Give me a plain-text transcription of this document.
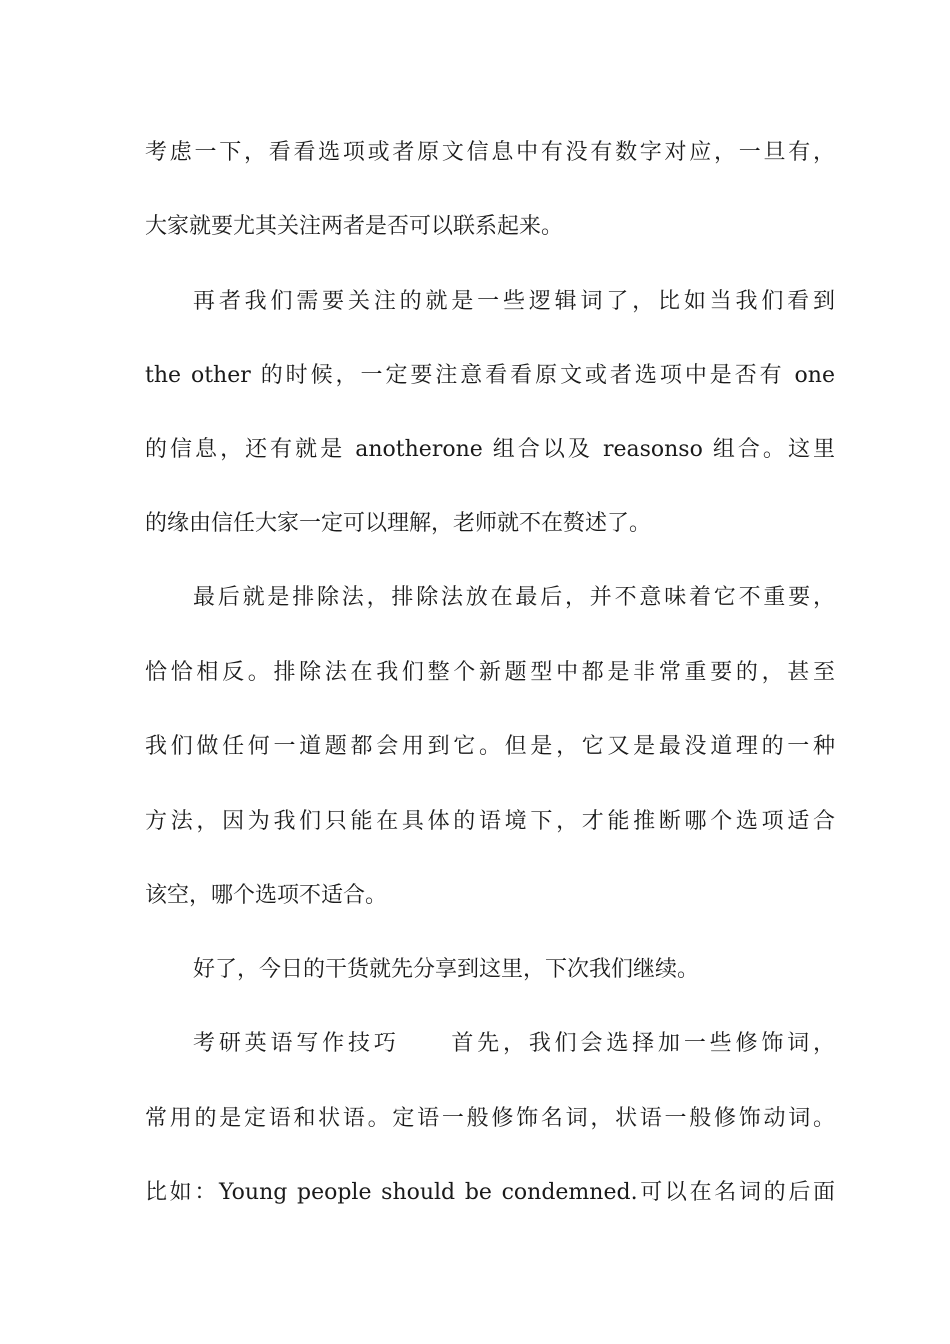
考虑一下，看看选项或者原文信息中有没有数字对应，一旦有，
大家就要尤其关注两者是否可以联系起来。
再者我们需要关注的就是一些逻辑词了，比如当我们看到
the other 的时候，一定要注意看看原文或者选项中是否有 one
的信息，还有就是 anotherone 组合以及 reasonso 组合。这里
的缘由信任大家一定可以理解，老师就不在赘述了。
最后就是排除法，排除法放在最后，并不意味着它不重要，
恰恰相反。排除法在我们整个新题型中都是非常重要的，甚至
我们做任何一道题都会用到它。但是，它又是最没道理的一种
方法，因为我们只能在具体的语境下，才能推断哪个选项适合
该空，哪个选项不适合。
好了，今日的干货就先分享到这里，下次我们继续。
考研英语写作技巧　　首先，我们会选择加一些修饰词，
常用的是定语和状语。定语一般修饰名词，状语一般修饰动词。
比如：Young people should be condemned.可以在名词的后面
